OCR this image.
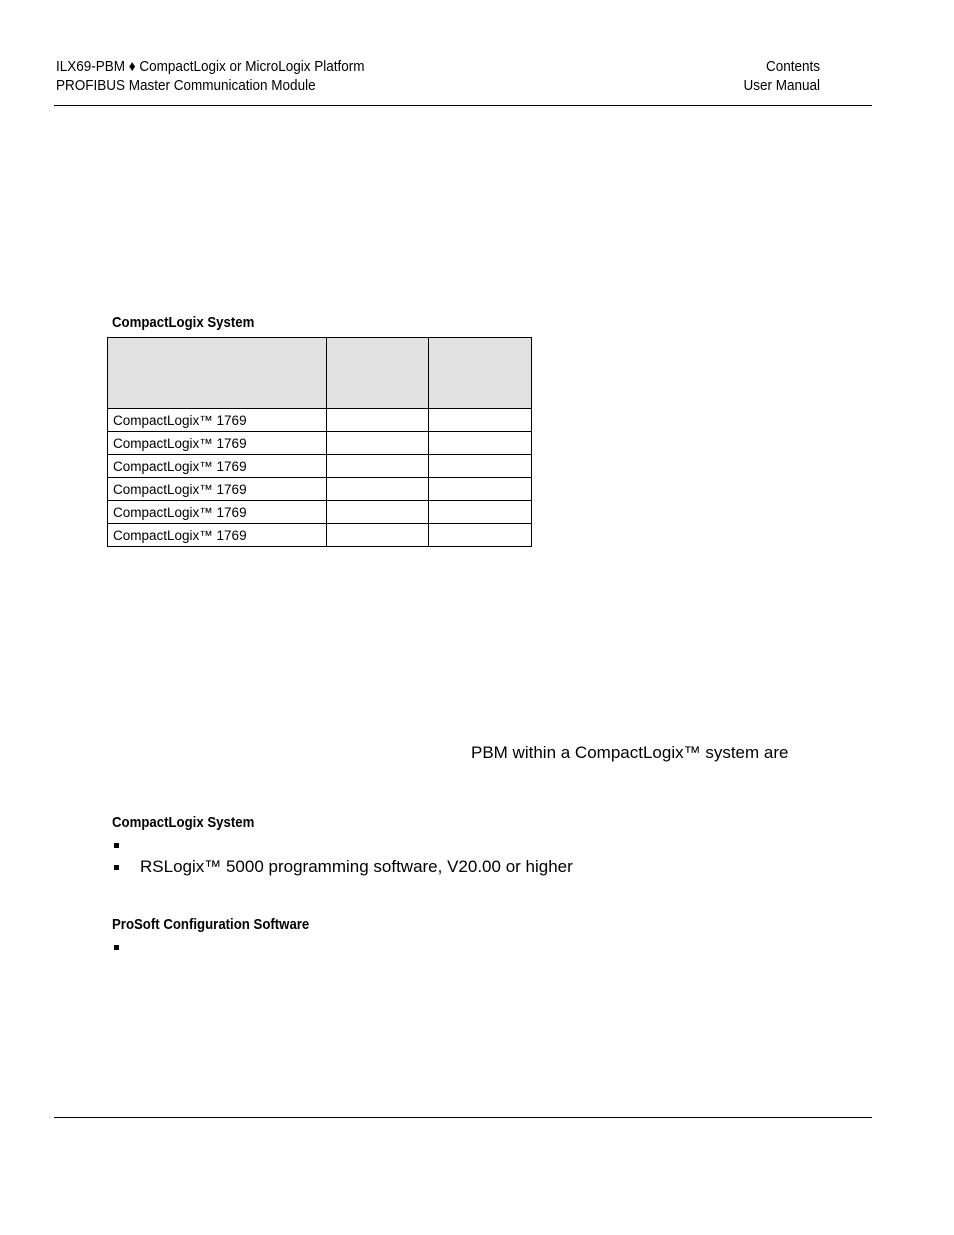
ILX69-PBM ♦ CompactLogix or MicroLogix Platform
PROFIBUS Master Communication Module
Contents
User Manual
CompactLogix System

CompactLogix™ 1769		
CompactLogix™ 1769		
CompactLogix™ 1769		
CompactLogix™ 1769		
CompactLogix™ 1769		
CompactLogix™ 1769		
PBM within a CompactLogix™ system are
CompactLogix System
RSLogix™ 5000 programming software, V20.00 or higher
ProSoft Configuration Software
